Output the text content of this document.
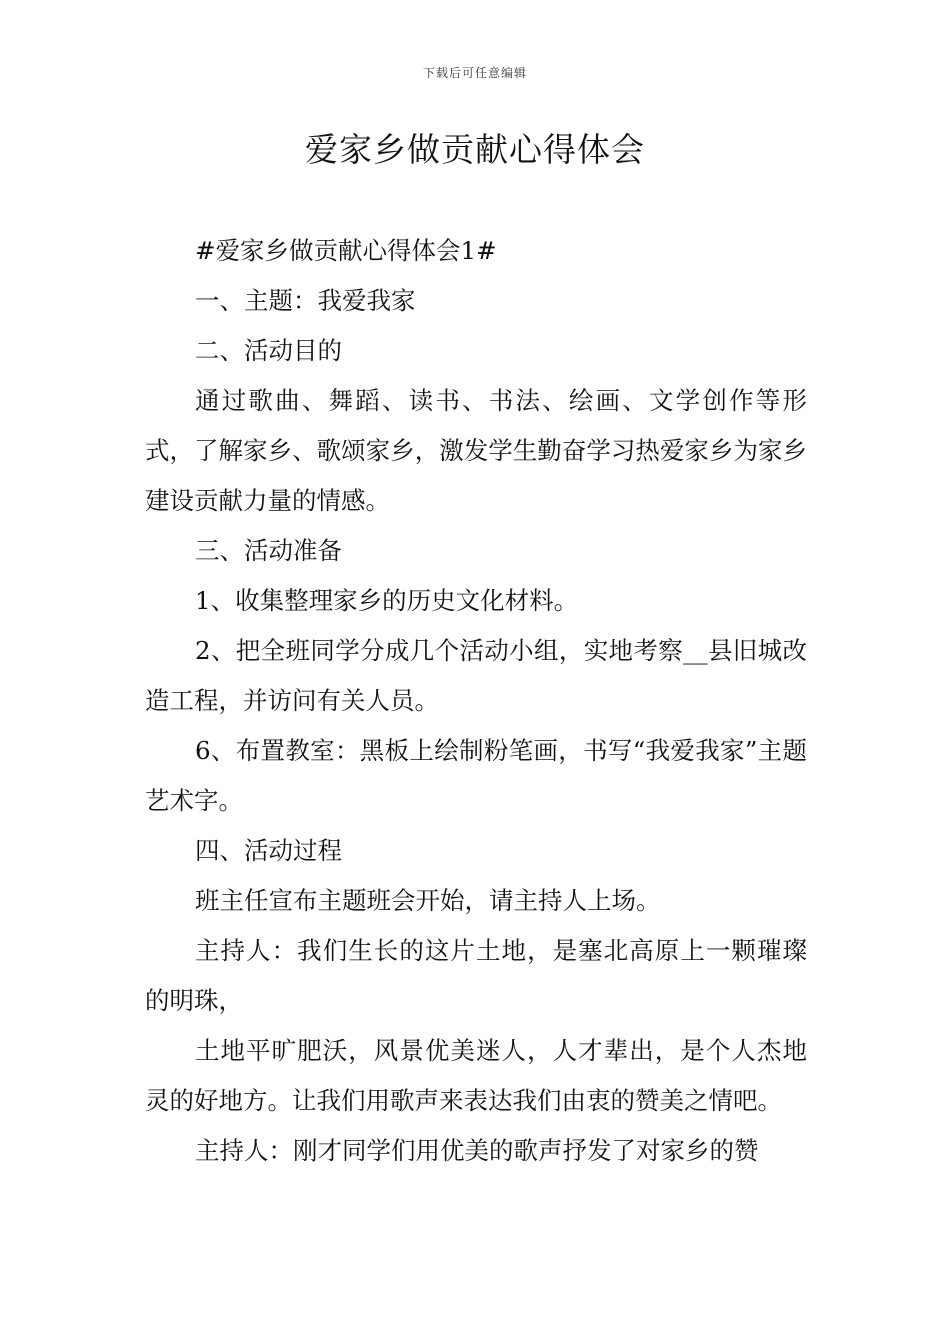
下载后可任意编辑
爱家乡做贡献心得体会

#爱家乡做贡献心得体会1#

一、主题：我爱我家

二、活动目的

通过歌曲、舞蹈、读书、书法、绘画、文学创作等形式，了解家乡、歌颂家乡，激发学生勤奋学习热爱家乡为家乡建设贡献力量的情感。

三、活动准备

1、收集整理家乡的历史文化材料。

2、把全班同学分成几个活动小组，实地考察__县旧城改造工程，并访问有关人员。

6、布置教室：黑板上绘制粉笔画，书写“我爱我家”主题艺术字。

四、活动过程

班主任宣布主题班会开始，请主持人上场。

主持人：我们生长的这片土地，是塞北高原上一颗璀璨的明珠，

土地平旷肥沃，风景优美迷人，人才辈出，是个人杰地灵的好地方。让我们用歌声来表达我们由衷的赞美之情吧。

主持人：刚才同学们用优美的歌声抒发了对家乡的赞
